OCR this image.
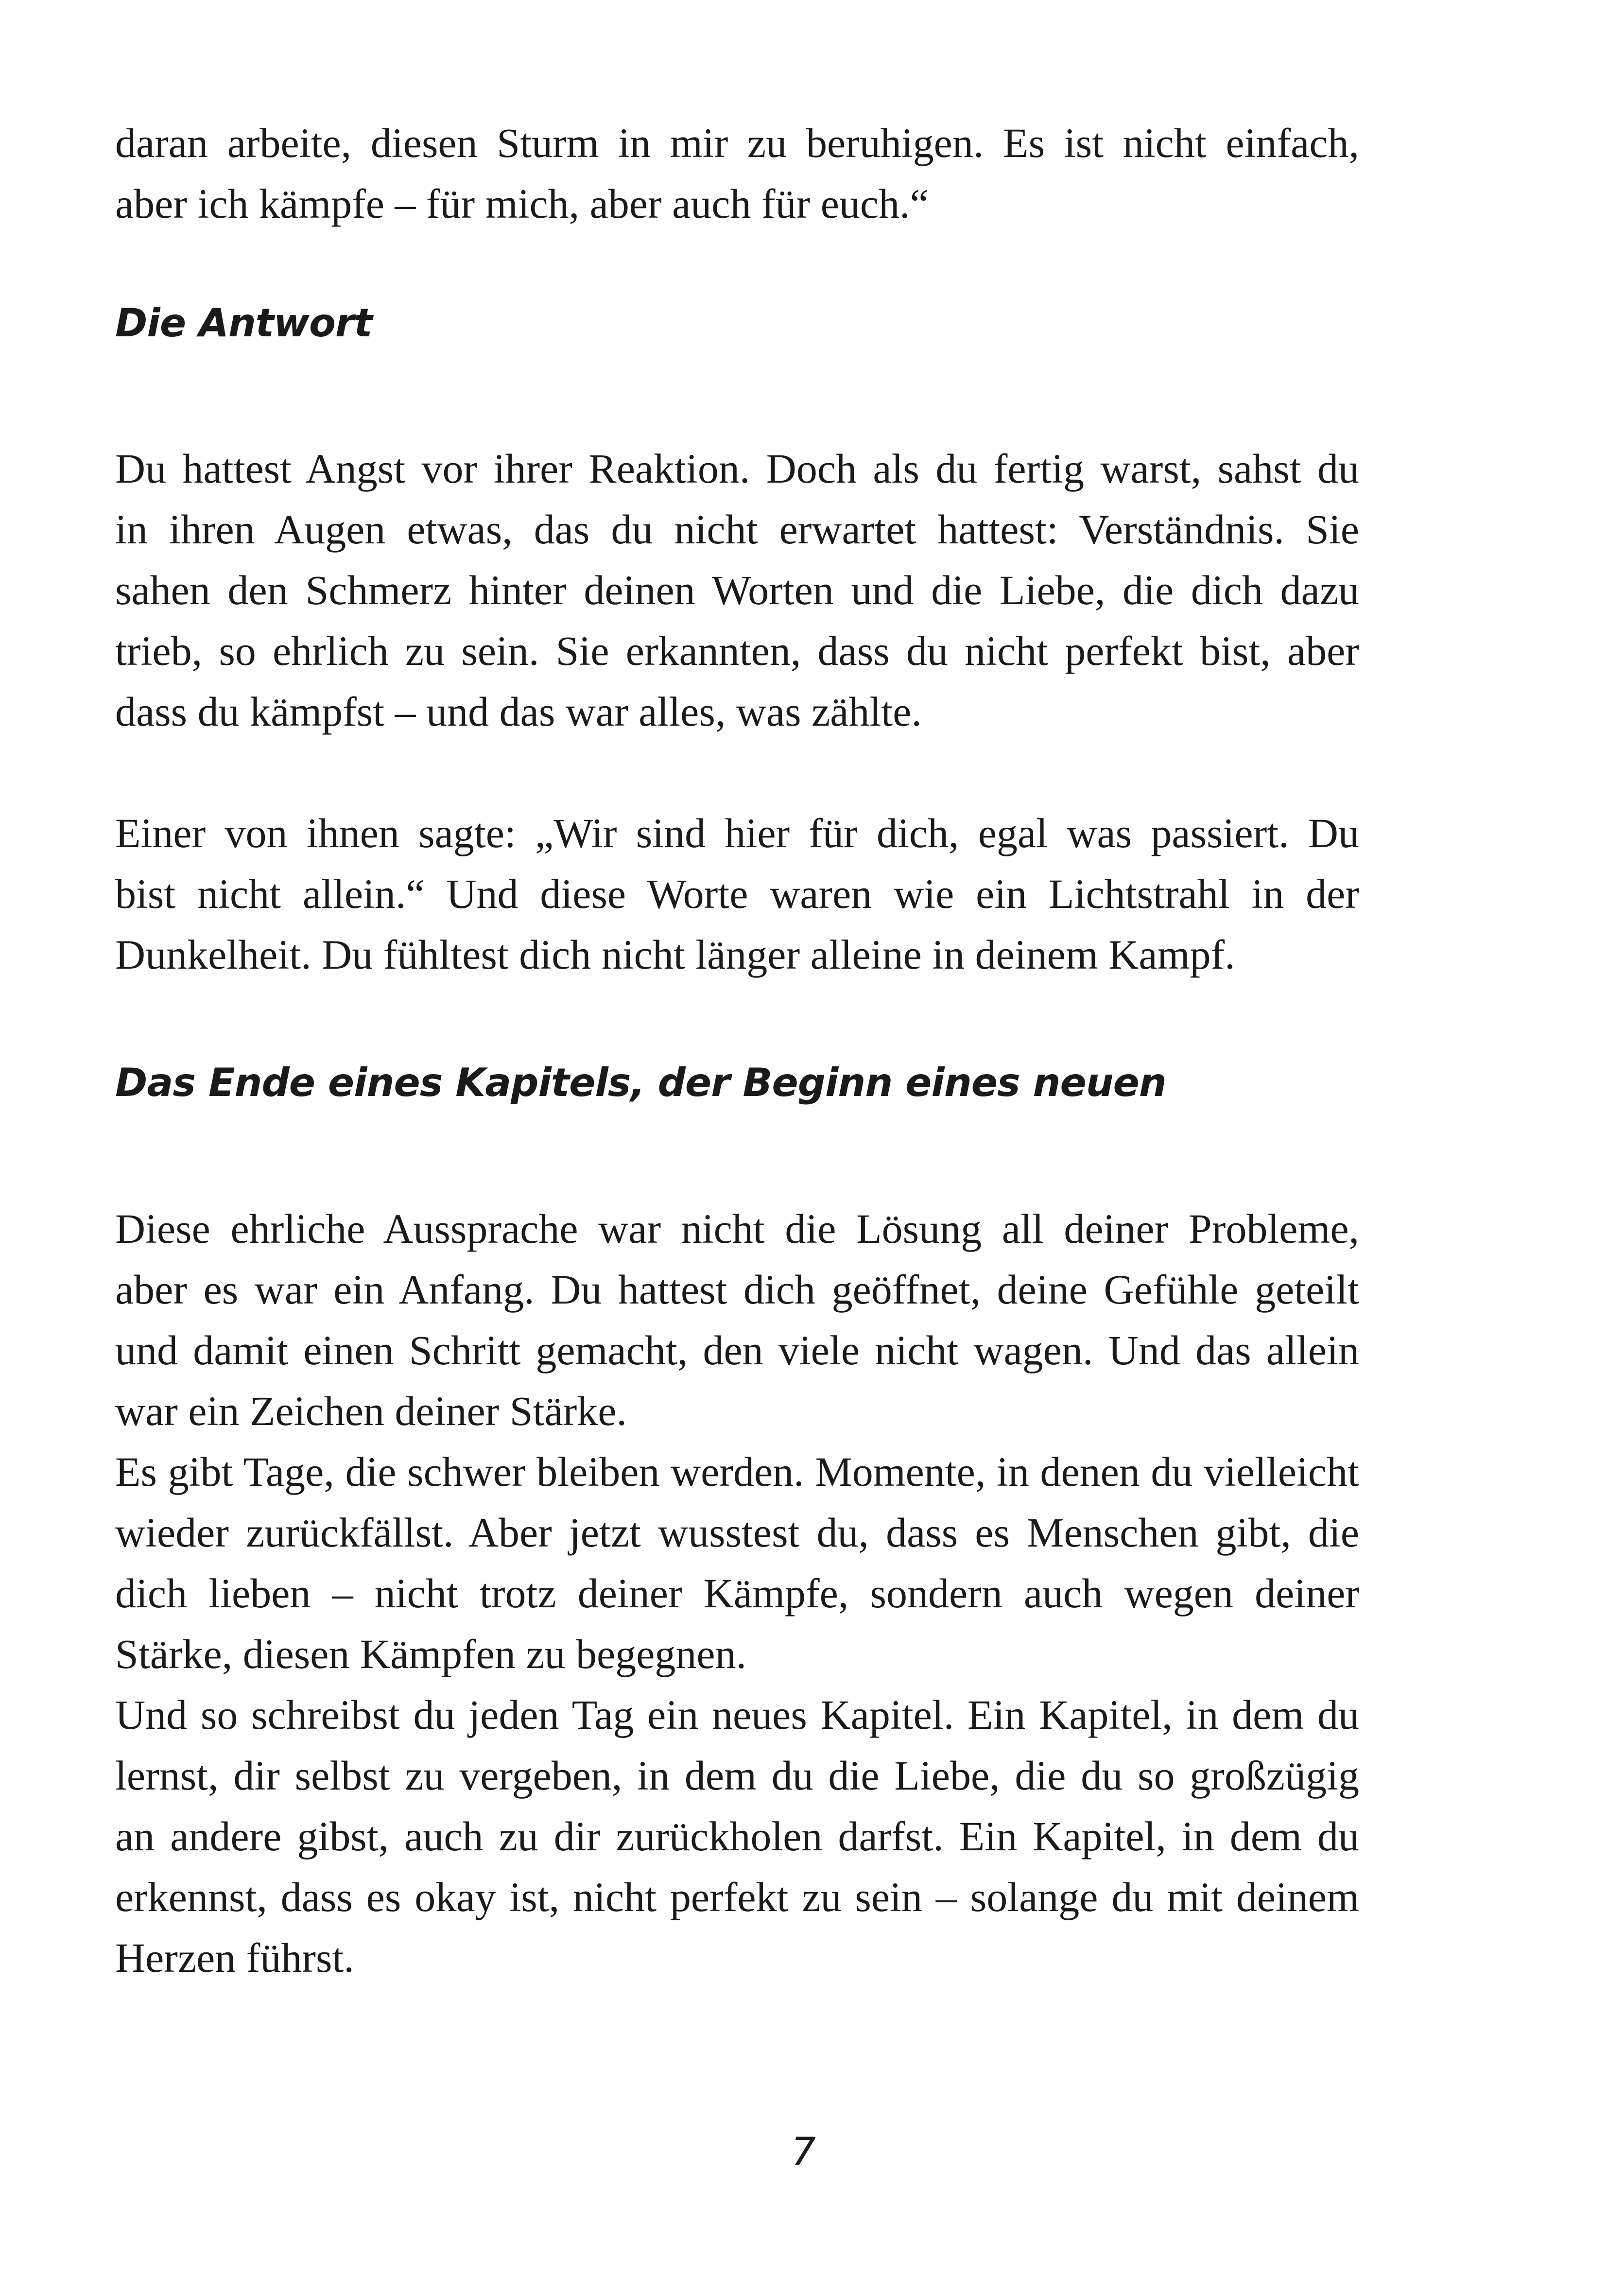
daran arbeite, diesen Sturm in mir zu beruhigen. Es ist nicht einfach,
aber ich kämpfe – für mich, aber auch für euch.“

Die Antwort

Du hattest Angst vor ihrer Reaktion. Doch als du fertig warst, sahst du
in ihren Augen etwas, das du nicht erwartet hattest: Verständnis. Sie
sahen den Schmerz hinter deinen Worten und die Liebe, die dich dazu
trieb, so ehrlich zu sein. Sie erkannten, dass du nicht perfekt bist, aber
dass du kämpfst – und das war alles, was zählte.

Einer von ihnen sagte: „Wir sind hier für dich, egal was passiert. Du
bist nicht allein.“ Und diese Worte waren wie ein Lichtstrahl in der
Dunkelheit. Du fühltest dich nicht länger alleine in deinem Kampf.

Das Ende eines Kapitels, der Beginn eines neuen

Diese ehrliche Aussprache war nicht die Lösung all deiner Probleme,
aber es war ein Anfang. Du hattest dich geöffnet, deine Gefühle geteilt
und damit einen Schritt gemacht, den viele nicht wagen. Und das allein
war ein Zeichen deiner Stärke.
Es gibt Tage, die schwer bleiben werden. Momente, in denen du vielleicht
wieder zurückfällst. Aber jetzt wusstest du, dass es Menschen gibt, die
dich lieben – nicht trotz deiner Kämpfe, sondern auch wegen deiner
Stärke, diesen Kämpfen zu begegnen.
Und so schreibst du jeden Tag ein neues Kapitel. Ein Kapitel, in dem du
lernst, dir selbst zu vergeben, in dem du die Liebe, die du so großzügig
an andere gibst, auch zu dir zurückholen darfst. Ein Kapitel, in dem du
erkennst, dass es okay ist, nicht perfekt zu sein – solange du mit deinem
Herzen führst.

7
